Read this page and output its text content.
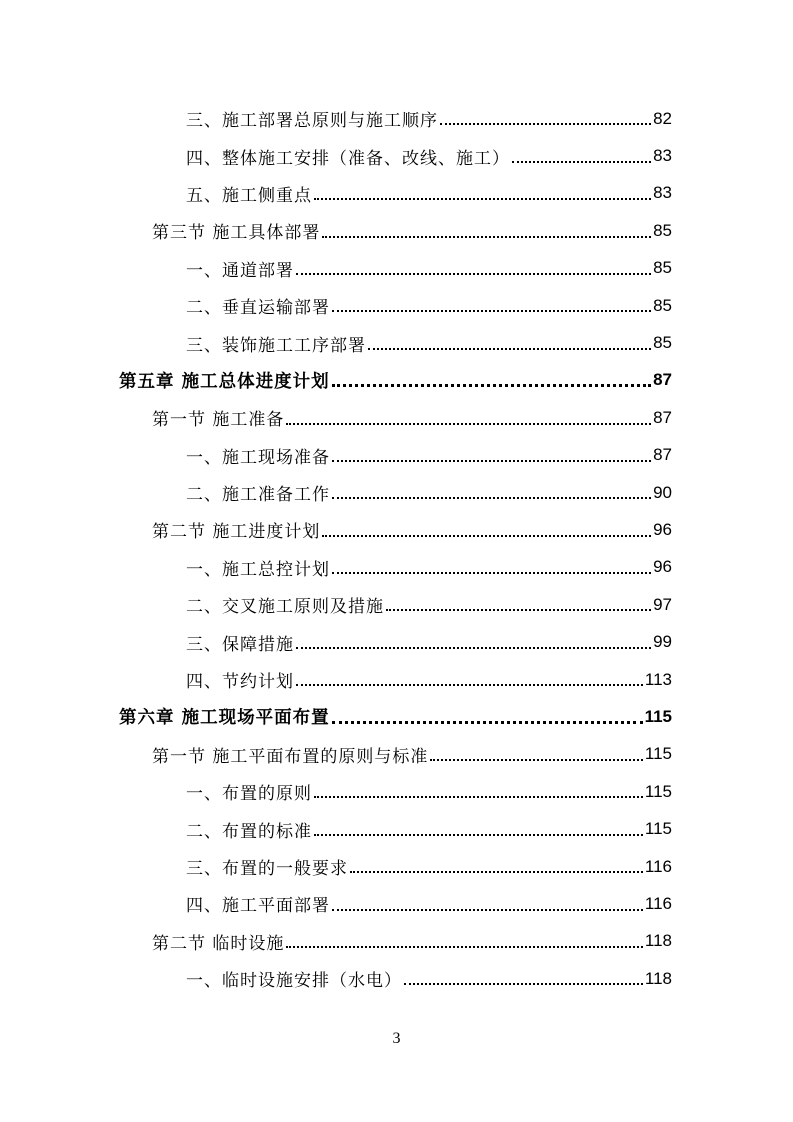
三、施工部署总原则与施工顺序	82
四、整体施工安排（准备、改线、施工）	83
五、施工侧重点	83
第三节 施工具体部署	85
一、通道部署	85
二、垂直运输部署	85
三、装饰施工工序部署	85
第五章 施工总体进度计划	87
第一节 施工准备	87
一、施工现场准备	87
二、施工准备工作	90
第二节 施工进度计划	96
一、施工总控计划	96
二、交叉施工原则及措施	97
三、保障措施	99
四、节约计划	113
第六章 施工现场平面布置	115
第一节 施工平面布置的原则与标准	115
一、布置的原则	115
二、布置的标准	115
三、布置的一般要求	116
四、施工平面部署	116
第二节 临时设施	118
一、临时设施安排（水电）	118
3
